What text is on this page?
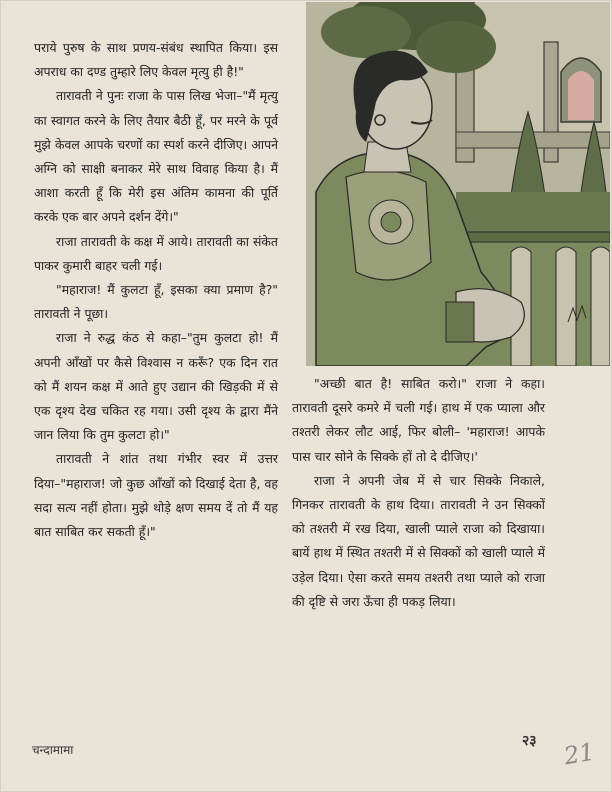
पराये पुरुष के साथ प्रणय-संबंध स्थापित किया। इस अपराध का दण्ड तुम्हारे लिए केवल मृत्यु ही है!"

तारावती ने पुनः राजा के पास लिख भेजा–"मैं मृत्यु का स्वागत करने के लिए तैयार बैठी हूँ, पर मरने के पूर्व मुझे केवल आपके चरणों का स्पर्श करने दीजिए। आपने अग्नि को साक्षी बनाकर मेरे साथ विवाह किया है। मैं आशा करती हूँ कि मेरी इस अंतिम कामना की पूर्ति करके एक बार अपने दर्शन देंगे।"

राजा तारावती के कक्ष में आये। तारावती का संकेत पाकर कुमारी बाहर चली गई।

"महाराज! मैं कुलटा हूँ, इसका क्या प्रमाण है?" तारावती ने पूछा।

राजा ने रुद्ध कंठ से कहा–"तुम कुलटा हो! मैं अपनी आँखों पर कैसे विश्वास न करूँ? एक दिन रात को मैं शयन कक्ष में आते हुए उद्यान की खिड़की में से एक दृश्य देख चकित रह गया। उसी दृश्य के द्वारा मैंने जान लिया कि तुम कुलटा हो।"

तारावती ने शांत तथा गंभीर स्वर में उत्तर दिया–"महाराज! जो कुछ आँखों को दिखाई देता है, वह सदा सत्य नहीं होता। मुझे थोड़े क्षण समय दें तो मैं यह बात साबित कर सकती हूँ।"

"अच्छी बात है! साबित करो।" राजा ने कहा। तारावती दूसरे कमरे में चली गई। हाथ में एक प्याला और तश्तरी लेकर लौट आई, फिर बोली– 'महाराज! आपके पास चार सोने के सिक्के हों तो दे दीजिए।'

राजा ने अपनी जेब में से चार सिक्के निकाले, गिनकर तारावती के हाथ दिया। तारावती ने उन सिक्कों को तश्तरी में रख दिया, खाली प्याले राजा को दिखाया। बायें हाथ में स्थित तश्तरी में से सिक्कों को खाली प्याले में उड़ेल दिया। ऐसा करते समय तश्तरी तथा प्याले को राजा की दृष्टि से जरा ऊँचा ही पकड़ लिया।

चन्दामामा
२३ 21
